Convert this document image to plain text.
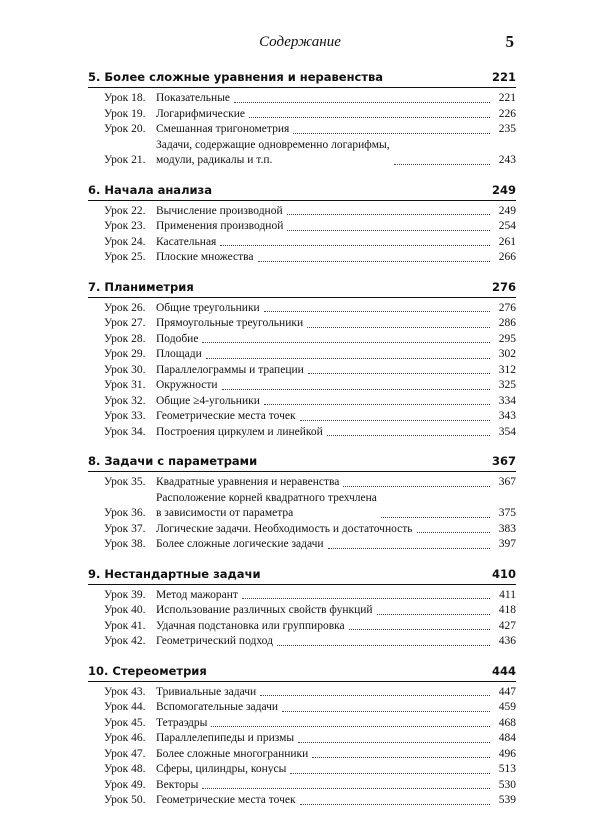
Содержание	5
5. Более сложные уравнения и неравенства	221
Урок 18. Показательные	221
Урок 19. Логарифмические	226
Урок 20. Смешанная тригонометрия	235
Урок 21.
Задачи, содержащие одновременно логарифмы,
модули, радикалы и т.п.	243
6. Начала анализа	249
Урок 22. Вычисление производной	249
Урок 23. Применения производной	254
Урок 24. Касательная	261
Урок 25. Плоские множества	266
7. Планиметрия	276
Урок 26. Общие треугольники	276
Урок 27. Прямоугольные треугольники	286
Урок 28. Подобие	295
Урок 29. Площади	302
Урок 30. Параллелограммы и трапеции	312
Урок 31. Окружности	325
Урок 32. Общие ≥4-угольники	334
Урок 33. Геометрические места точек	343
Урок 34. Построения циркулем и линейкой	354
8. Задачи с параметрами	367
Урок 35. Квадратные уравнения и неравенства	367
Урок 36.
Расположение корней квадратного трехчлена
в зависимости от параметра	375
Урок 37. Логические задачи. Необходимость и достаточность	383
Урок 38. Более сложные логические задачи	397
9. Нестандартные задачи	410
Урок 39. Метод мажорант	411
Урок 40. Использование различных свойств функций	418
Урок 41. Удачная подстановка или группировка	427
Урок 42. Геометрический подход	436
10. Стереометрия	444
Урок 43. Тривиальные задачи	447
Урок 44. Вспомогательные задачи	459
Урок 45. Тетраэдры	468
Урок 46. Параллелепипеды и призмы	484
Урок 47. Более сложные многогранники	496
Урок 48. Сферы, цилиндры, конусы	513
Урок 49. Векторы	530
Урок 50. Геометрические места точек	539
